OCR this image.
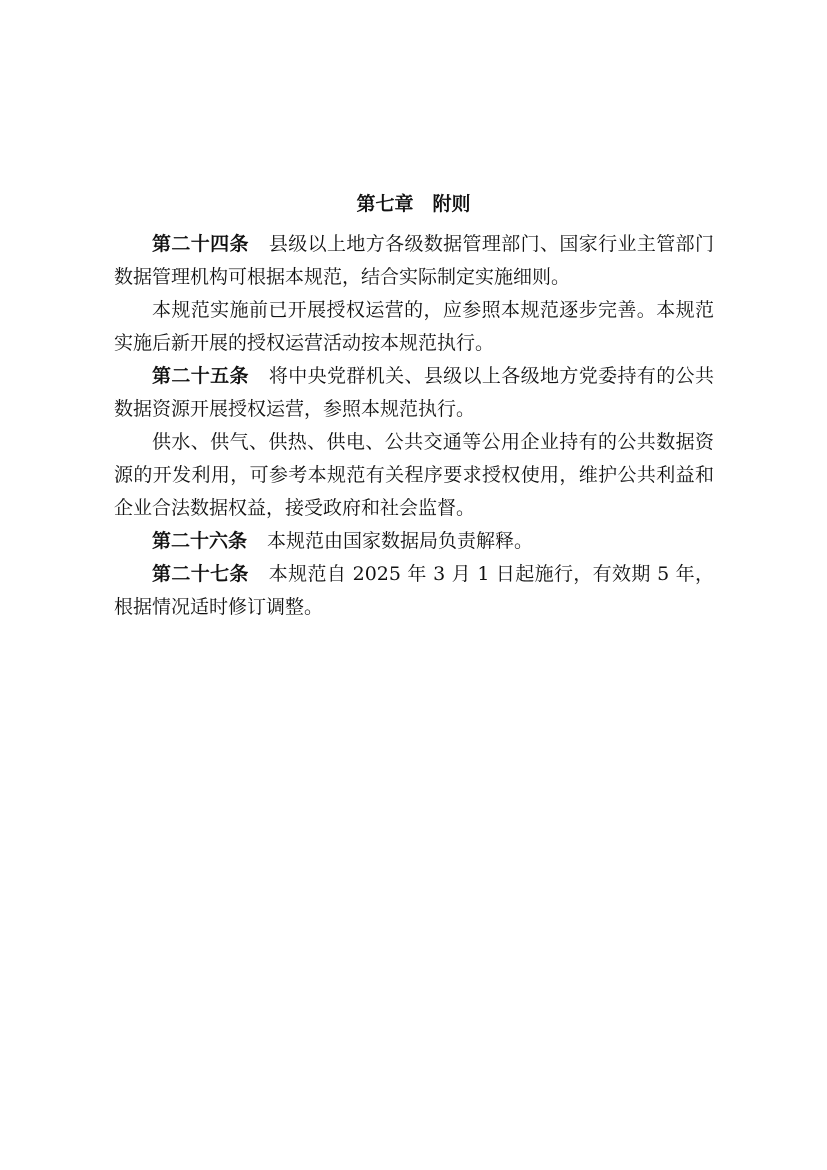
第七章　附则

第二十四条 县级以上地方各级数据管理部门、国家行业主管部门数据管理机构可根据本规范，结合实际制定实施细则。

本规范实施前已开展授权运营的，应参照本规范逐步完善。本规范实施后新开展的授权运营活动按本规范执行。

第二十五条 将中央党群机关、县级以上各级地方党委持有的公共数据资源开展授权运营，参照本规范执行。

供水、供气、供热、供电、公共交通等公用企业持有的公共数据资源的开发利用，可参考本规范有关程序要求授权使用，维护公共利益和企业合法数据权益，接受政府和社会监督。

第二十六条 本规范由国家数据局负责解释。

第二十七条 本规范自 2025 年 3 月 1 日起施行，有效期 5 年，根据情况适时修订调整。
